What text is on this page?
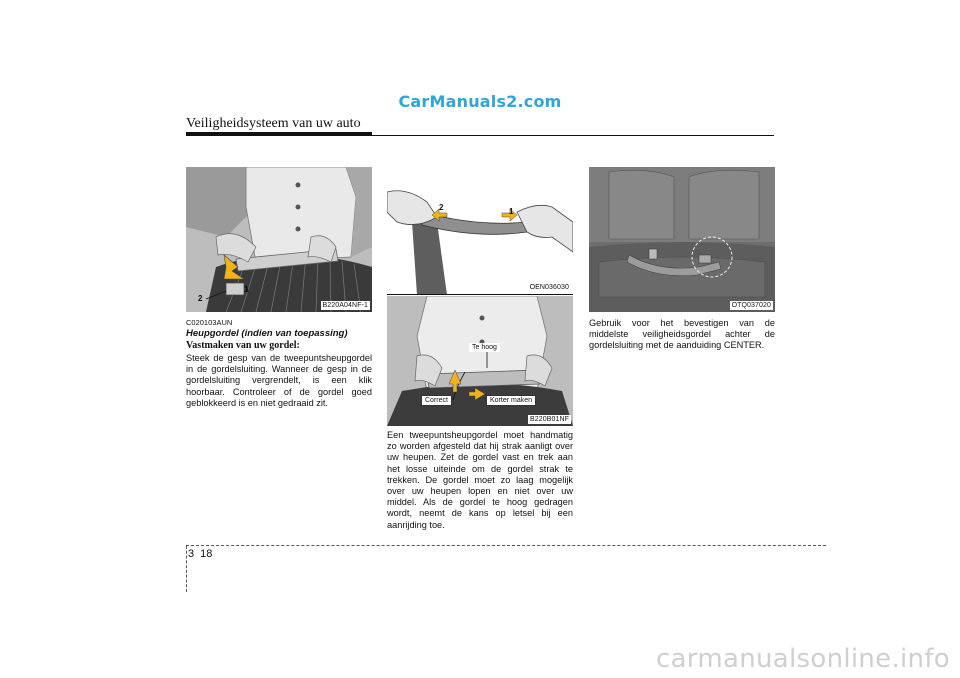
CarManuals2.com
Veiligheidsysteem van uw auto
2
1
B220A04NF-1
C020103AUN
Heupgordel (indien van toepassing)
Vastmaken van uw gordel:
Steek de gesp van de tweepuntsheupgordel in de gordelsluiting. Wanneer de gesp in de gordelsluiting vergrendelt, is een klik hoorbaar. Controleer of de gordel goed geblokkeerd is en niet gedraaid zit.
2	1
OEN036030
Te hoog
Correct	Korter maken
B220B01NF
Een tweepuntsheupgordel moet handmatig zo worden afgesteld dat hij strak aanligt over uw heupen. Zet de gordel vast en trek aan het losse uiteinde om de gordel strak te trekken. De gordel moet zo laag mogelijk over uw heupen lopen en niet over uw middel. Als de gordel te hoog gedragen wordt, neemt de kans op letsel bij een aanrijding toe.
OTQ037020
Gebruik voor het bevestigen van de middelste veiligheidsgordel achter de gordelsluiting met de aanduiding CENTER.
3 18
carmanualsonline.info
